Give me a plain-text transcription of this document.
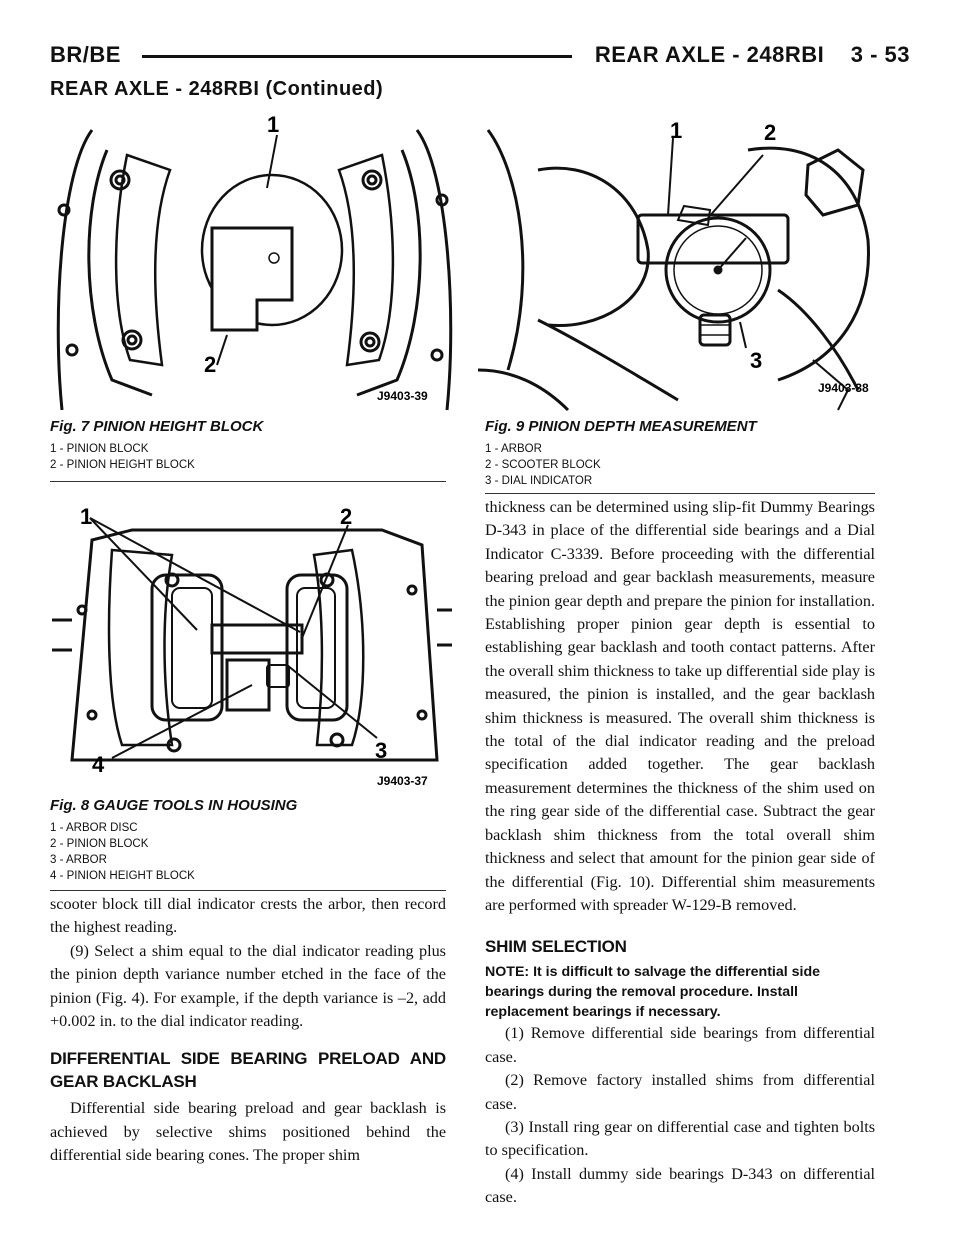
BR/BE	REAR AXLE - 248RBI    3 - 53
REAR AXLE - 248RBI (Continued)
1
2
J9403-39

Fig. 7 PINION HEIGHT BLOCK

1 - PINION BLOCK

2 - PINION HEIGHT BLOCK

1	2
3
J9403-38

Fig. 9 PINION DEPTH MEASUREMENT

1 - ARBOR

2 - SCOOTER BLOCK

3 - DIAL INDICATOR

1	2
3
4
J9403-37

Fig. 8 GAUGE TOOLS IN HOUSING

1 - ARBOR DISC

2 - PINION BLOCK

3 - ARBOR

4 - PINION HEIGHT BLOCK

scooter block till dial indicator crests the arbor, then record the highest reading.

(9) Select a shim equal to the dial indicator reading plus the pinion depth variance number etched in the face of the pinion (Fig. 4). For example, if the depth variance is –2, add +0.002 in. to the dial indicator reading.

DIFFERENTIAL SIDE BEARING PRELOAD AND GEAR BACKLASH

Differential side bearing preload and gear backlash is achieved by selective shims positioned behind the differential side bearing cones. The proper shim

thickness can be determined using slip-fit Dummy Bearings D-343 in place of the differential side bearings and a Dial Indicator C-3339. Before proceeding with the differential bearing preload and gear backlash measurements, measure the pinion gear depth and prepare the pinion for installation. Establishing proper pinion gear depth is essential to establishing gear backlash and tooth contact patterns. After the overall shim thickness to take up differential side play is measured, the pinion is installed, and the gear backlash shim thickness is measured. The overall shim thickness is the total of the dial indicator reading and the preload specification added together. The gear backlash measurement determines the thickness of the shim used on the ring gear side of the differential case. Subtract the gear backlash shim thickness from the total overall shim thickness and select that amount for the pinion gear side of the differential (Fig. 10). Differential shim measurements are performed with spreader W-129-B removed.

SHIM SELECTION

NOTE: It is difficult to salvage the differential side bearings during the removal procedure. Install replacement bearings if necessary.

(1) Remove differential side bearings from differential case.

(2) Remove factory installed shims from differential case.

(3) Install ring gear on differential case and tighten bolts to specification.

(4) Install dummy side bearings D-343 on differential case.
